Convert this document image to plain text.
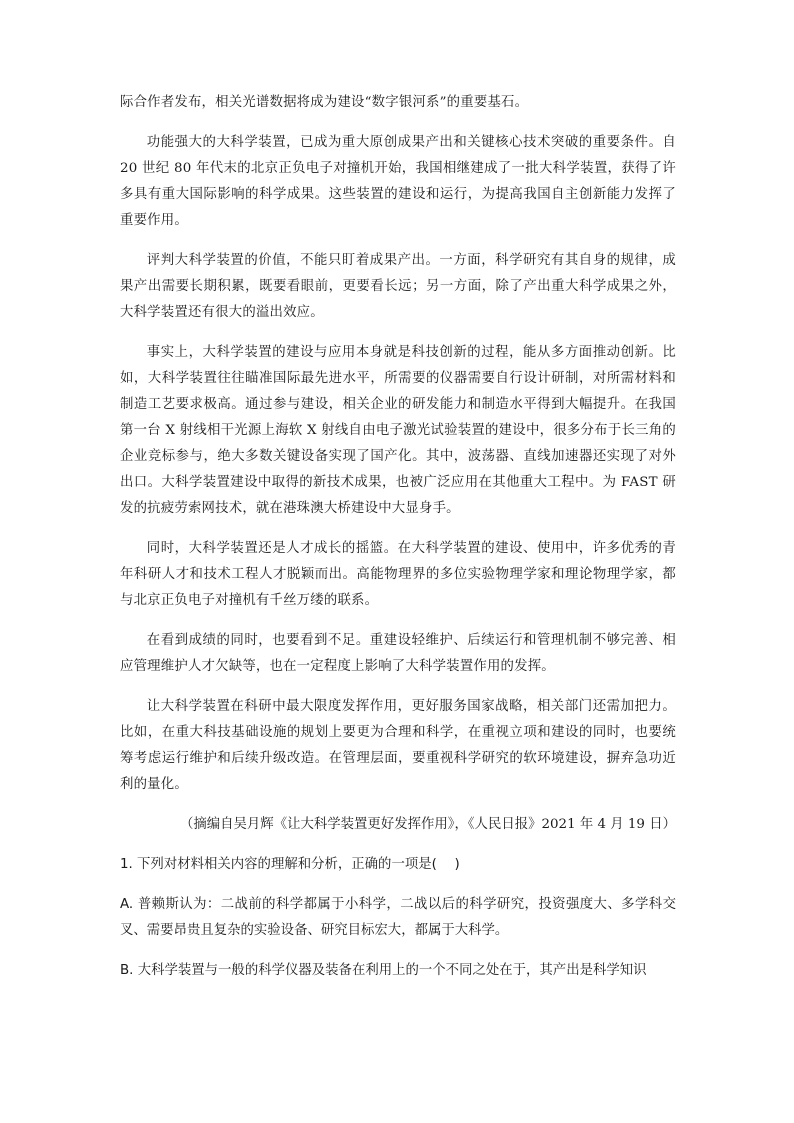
际合作者发布，相关光谱数据将成为建设“数字银河系”的重要基石。

功能强大的大科学装置，已成为重大原创成果产出和关键核心技术突破的重要条件。自 20 世纪 80 年代末的北京正负电子对撞机开始，我国相继建成了一批大科学装置，获得了许多具有重大国际影响的科学成果。这些装置的建设和运行，为提高我国自主创新能力发挥了重要作用。

评判大科学装置的价值，不能只盯着成果产出。一方面，科学研究有其自身的规律，成果产出需要长期积累，既要看眼前，更要看长远；另一方面，除了产出重大科学成果之外，大科学装置还有很大的溢出效应。

事实上，大科学装置的建设与应用本身就是科技创新的过程，能从多方面推动创新。比如，大科学装置往往瞄准国际最先进水平，所需要的仪器需要自行设计研制，对所需材料和制造工艺要求极高。通过参与建设，相关企业的研发能力和制造水平得到大幅提升。在我国第一台 X 射线相干光源上海软 X 射线自由电子激光试验装置的建设中，很多分布于长三角的企业竞标参与，绝大多数关键设备实现了国产化。其中，波荡器、直线加速器还实现了对外出口。大科学装置建设中取得的新技术成果，也被广泛应用在其他重大工程中。为 FAST 研发的抗疲劳索网技术，就在港珠澳大桥建设中大显身手。

同时，大科学装置还是人才成长的摇篮。在大科学装置的建设、使用中，许多优秀的青年科研人才和技术工程人才脱颖而出。高能物理界的多位实验物理学家和理论物理学家，都与北京正负电子对撞机有千丝万缕的联系。

在看到成绩的同时，也要看到不足。重建设轻维护、后续运行和管理机制不够完善、相应管理维护人才欠缺等，也在一定程度上影响了大科学装置作用的发挥。

让大科学装置在科研中最大限度发挥作用，更好服务国家战略，相关部门还需加把力。比如，在重大科技基础设施的规划上要更为合理和科学，在重视立项和建设的同时，也要统筹考虑运行维护和后续升级改造。在管理层面，要重视科学研究的软环境建设，摒弃急功近利的量化。

（摘编自吴月辉《让大科学装置更好发挥作用》，《人民日报》2021 年 4 月 19 日）

1. 下列对材料相关内容的理解和分析，正确的一项是(　 )

A. 普赖斯认为：二战前的科学都属于小科学，二战以后的科学研究，投资强度大、多学科交叉、需要昂贵且复杂的实验设备、研究目标宏大，都属于大科学。

B. 大科学装置与一般的科学仪器及装备在利用上的一个不同之处在于，其产出是科学知识
